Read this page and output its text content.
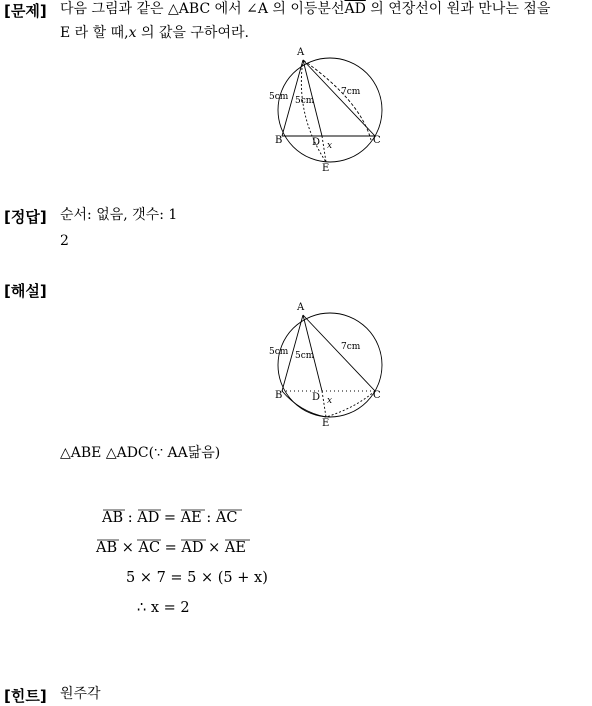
[문제] 다음 그림과 같은 △ABC 에서 ∠A 의 이등분선$\overline{AD}$ 의 연장선이 원과 만나는 점을
E 라 할 때,𝑥 의 값을 구하여라.
A
B	C
D
E
5cm 5cm
7cm
x
[정답] 순서: 없음, 갯수: 1
2
[해설]
A
B	C
D
E
5cm 5cm
7cm
x
△ABE △ADC(∵ AA닮음)
AB : AD = AE : AC
AB × AC = AD × AE
5 × 7 = 5 × (5 + x)
∴ x = 2
[힌트] 원주각
